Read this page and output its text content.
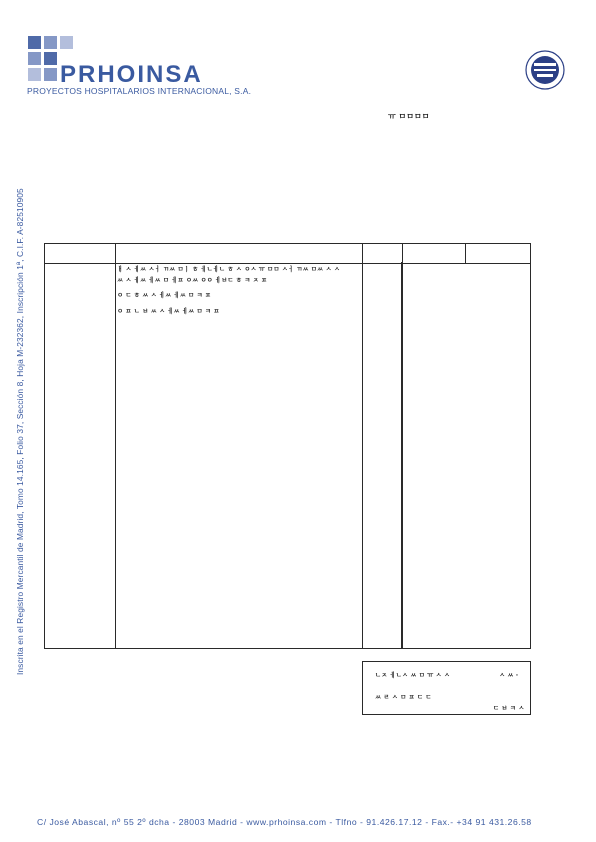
PRHOINSA
PROYECTOS HOSPITALARIOS INTERNACIONAL, S.A.
ㅠ ㅁㅁㅁㅁ
Inscrita en el Registro Mercantil de Madrid, Tomo 14.165, Folio 37, Sección 8, Hoja M-232362, Inscripción 1ª, C.I.F. A-82510905	ㅐ ㅅ ㅔㅆ ㅅㅓ ㄲㅆ ㅁㅣ ㅎ ㅔㄴㅔㄴ ㅎ ㅅ ㅇㅅ ㅠ ㅁㅁ ㅅㅓ ㄲㅆ ㅁㅆ ㅅ ㅅ
ㅆ ㅅ ㅔㅆ ㅔㅆ ㅁ ㅔㅍ ㅇㅆ ㅇㅇ ㅔㅂㄷ ㅎ ㅋ ㅈ ㅍ
ㅇ ㄷ ㅎ ㅆ ㅅ ㅔㅆ ㅔㅆ ㅁ ㅋ ㅍ
ㅇ ㅍ ㄴ ㅂ ㅆ ㅅ ㅔㅆ ㅔㅆ ㅁ ㅋ ㅍ
ㄴㅈ ㅔㄴㅅ ㅆ ㅁ ㅠ ㅅ ㅅ	ㅅ ㅆ ·
ㅆ ㄹ ㅅ ㅁ ㅍ ㄷ ㄷ
ㄷ ㅂ ㅋ ㅅ
C/ José Abascal, nº 55 2º dcha - 28003 Madrid - www.prhoinsa.com - Tlfno - 91.426.17.12 - Fax.- +34 91 431.26.58
